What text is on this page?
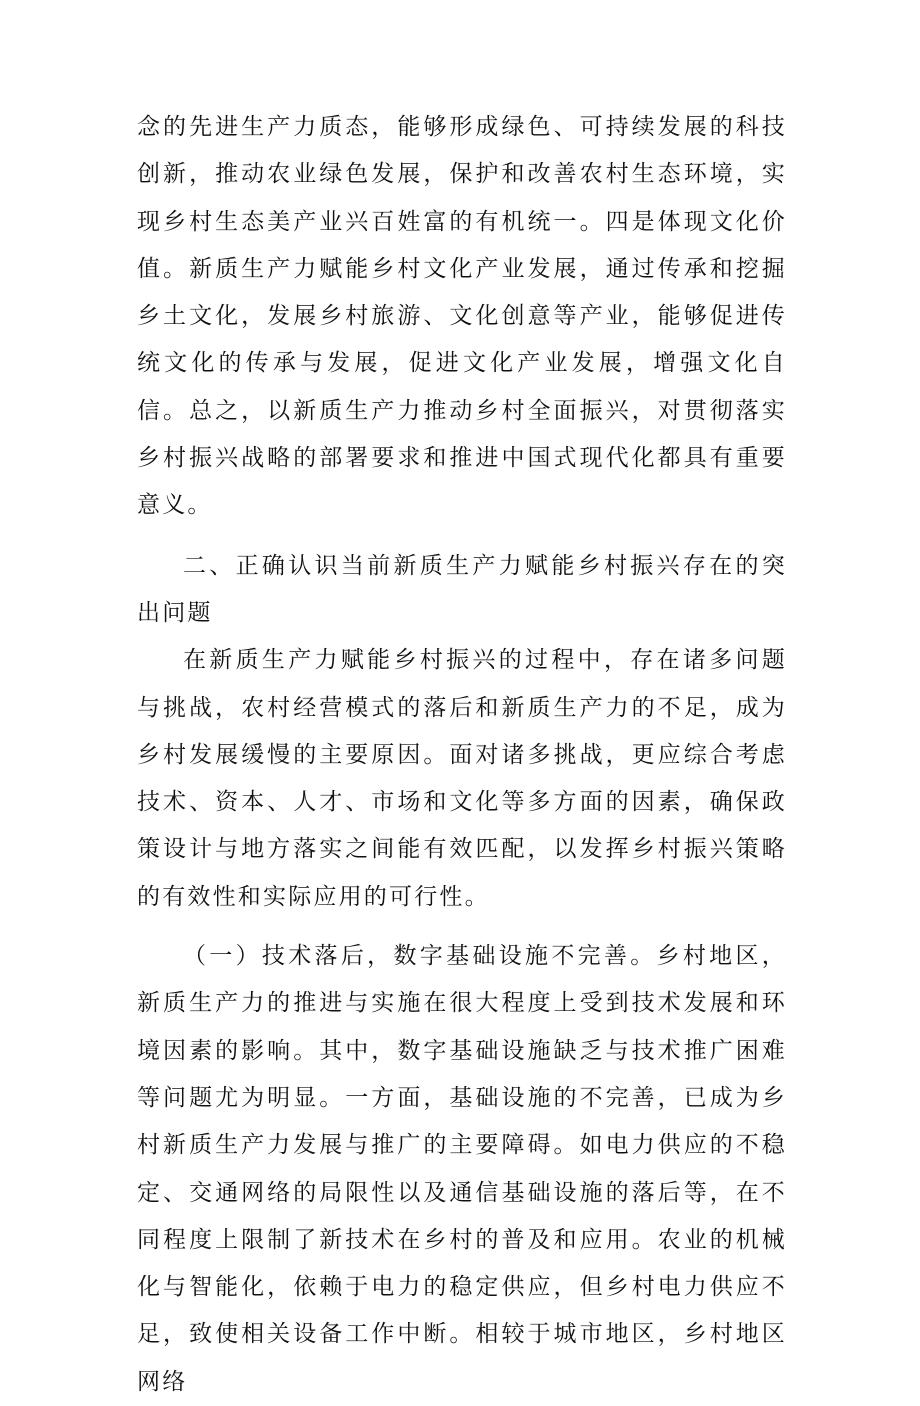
念的先进生产力质态，能够形成绿色、可持续发展的科技创新，推动农业绿色发展，保护和改善农村生态环境，实现乡村生态美产业兴百姓富的有机统一。四是体现文化价值。新质生产力赋能乡村文化产业发展，通过传承和挖掘乡土文化，发展乡村旅游、文化创意等产业，能够促进传统文化的传承与发展，促进文化产业发展，增强文化自信。总之，以新质生产力推动乡村全面振兴，对贯彻落实乡村振兴战略的部署要求和推进中国式现代化都具有重要意义。

二、正确认识当前新质生产力赋能乡村振兴存在的突出问题

在新质生产力赋能乡村振兴的过程中，存在诸多问题与挑战，农村经营模式的落后和新质生产力的不足，成为乡村发展缓慢的主要原因。面对诸多挑战，更应综合考虑技术、资本、人才、市场和文化等多方面的因素，确保政策设计与地方落实之间能有效匹配，以发挥乡村振兴策略的有效性和实际应用的可行性。

（一）技术落后，数字基础设施不完善。乡村地区，新质生产力的推进与实施在很大程度上受到技术发展和环境因素的影响。其中，数字基础设施缺乏与技术推广困难等问题尤为明显。一方面，基础设施的不完善，已成为乡村新质生产力发展与推广的主要障碍。如电力供应的不稳定、交通网络的局限性以及通信基础设施的落后等，在不同程度上限制了新技术在乡村的普及和应用。农业的机械化与智能化，依赖于电力的稳定供应，但乡村电力供应不足，致使相关设备工作中断。相较于城市地区，乡村地区网络
